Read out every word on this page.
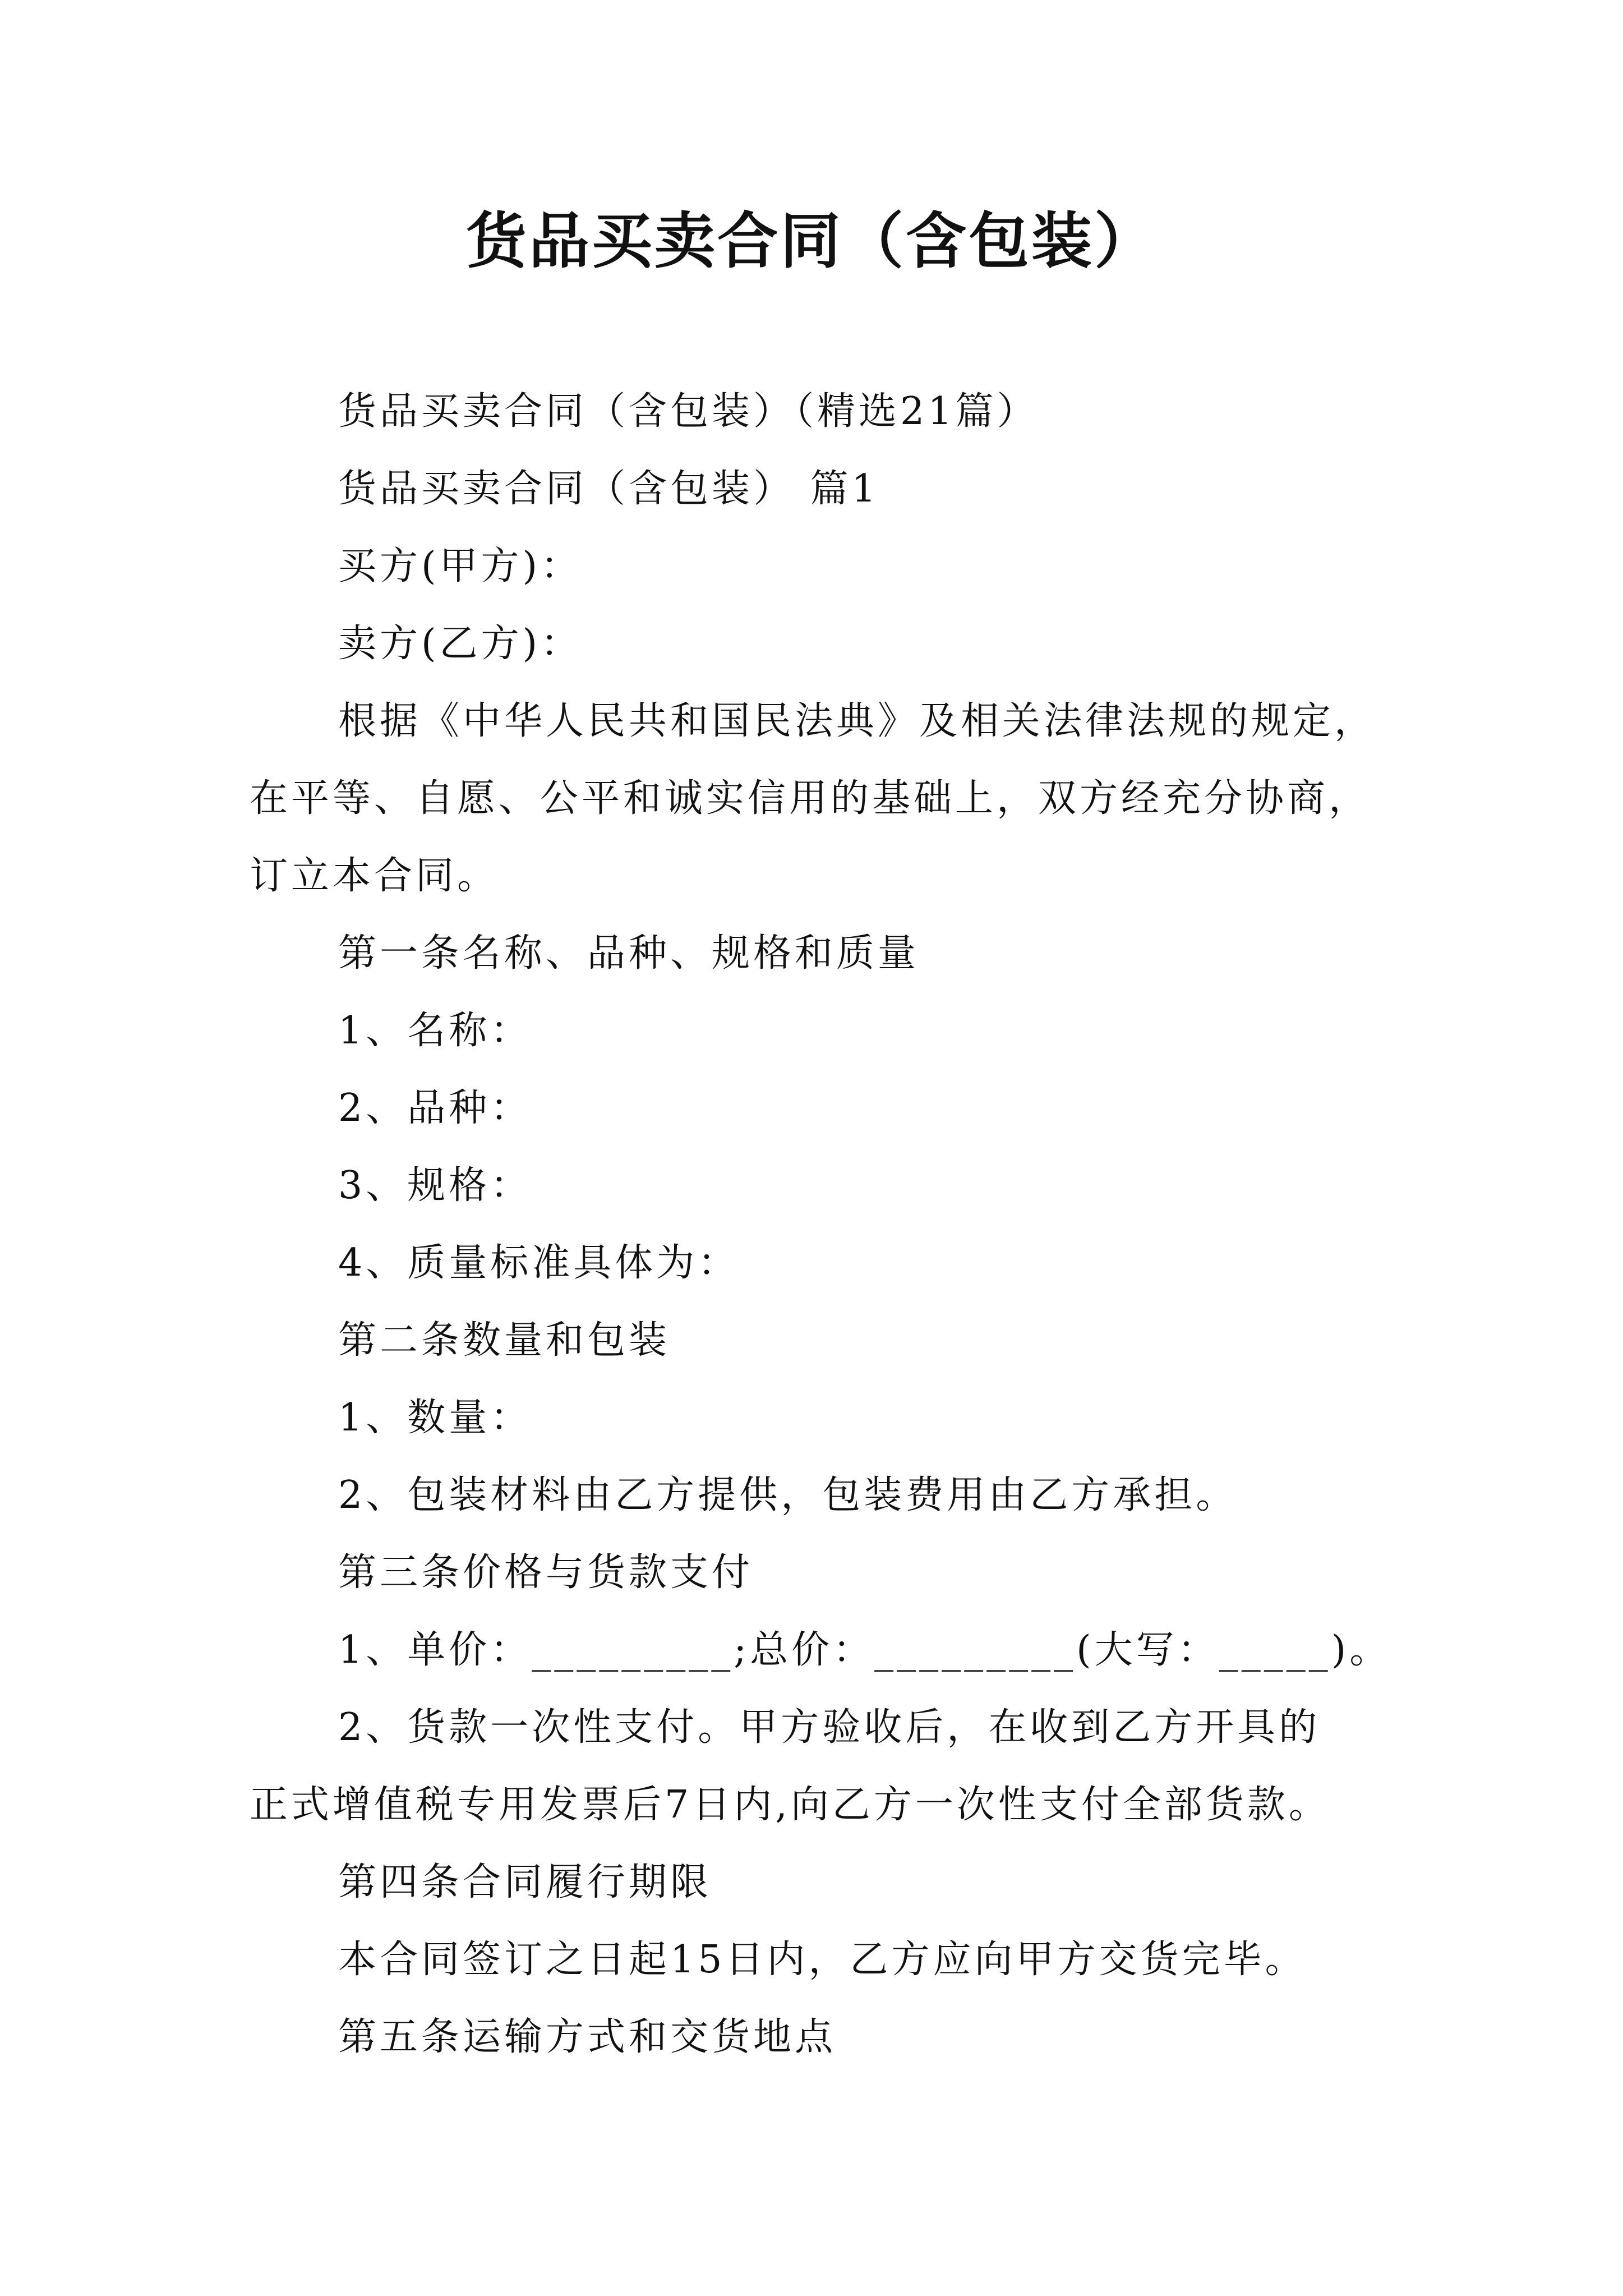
货品买卖合同（含包装）

货品买卖合同（含包装）（精选21篇）

货品买卖合同（含包装） 篇1

买方(甲方)：

卖方(乙方)：

根据《中华人民共和国民法典》及相关法律法规的规定，

在平等、自愿、公平和诚实信用的基础上，双方经充分协商，

订立本合同。

第一条名称、品种、规格和质量

1、名称：

2、品种：

3、规格：

4、质量标准具体为：

第二条数量和包装

1、数量：

2、包装材料由乙方提供，包装费用由乙方承担。

第三条价格与货款支付

1、单价：_________;总价：_________(大写：_____)。

2、货款一次性支付。甲方验收后，在收到乙方开具的

正式增值税专用发票后7日内,向乙方一次性支付全部货款。

第四条合同履行期限

本合同签订之日起15日内，乙方应向甲方交货完毕。

第五条运输方式和交货地点
